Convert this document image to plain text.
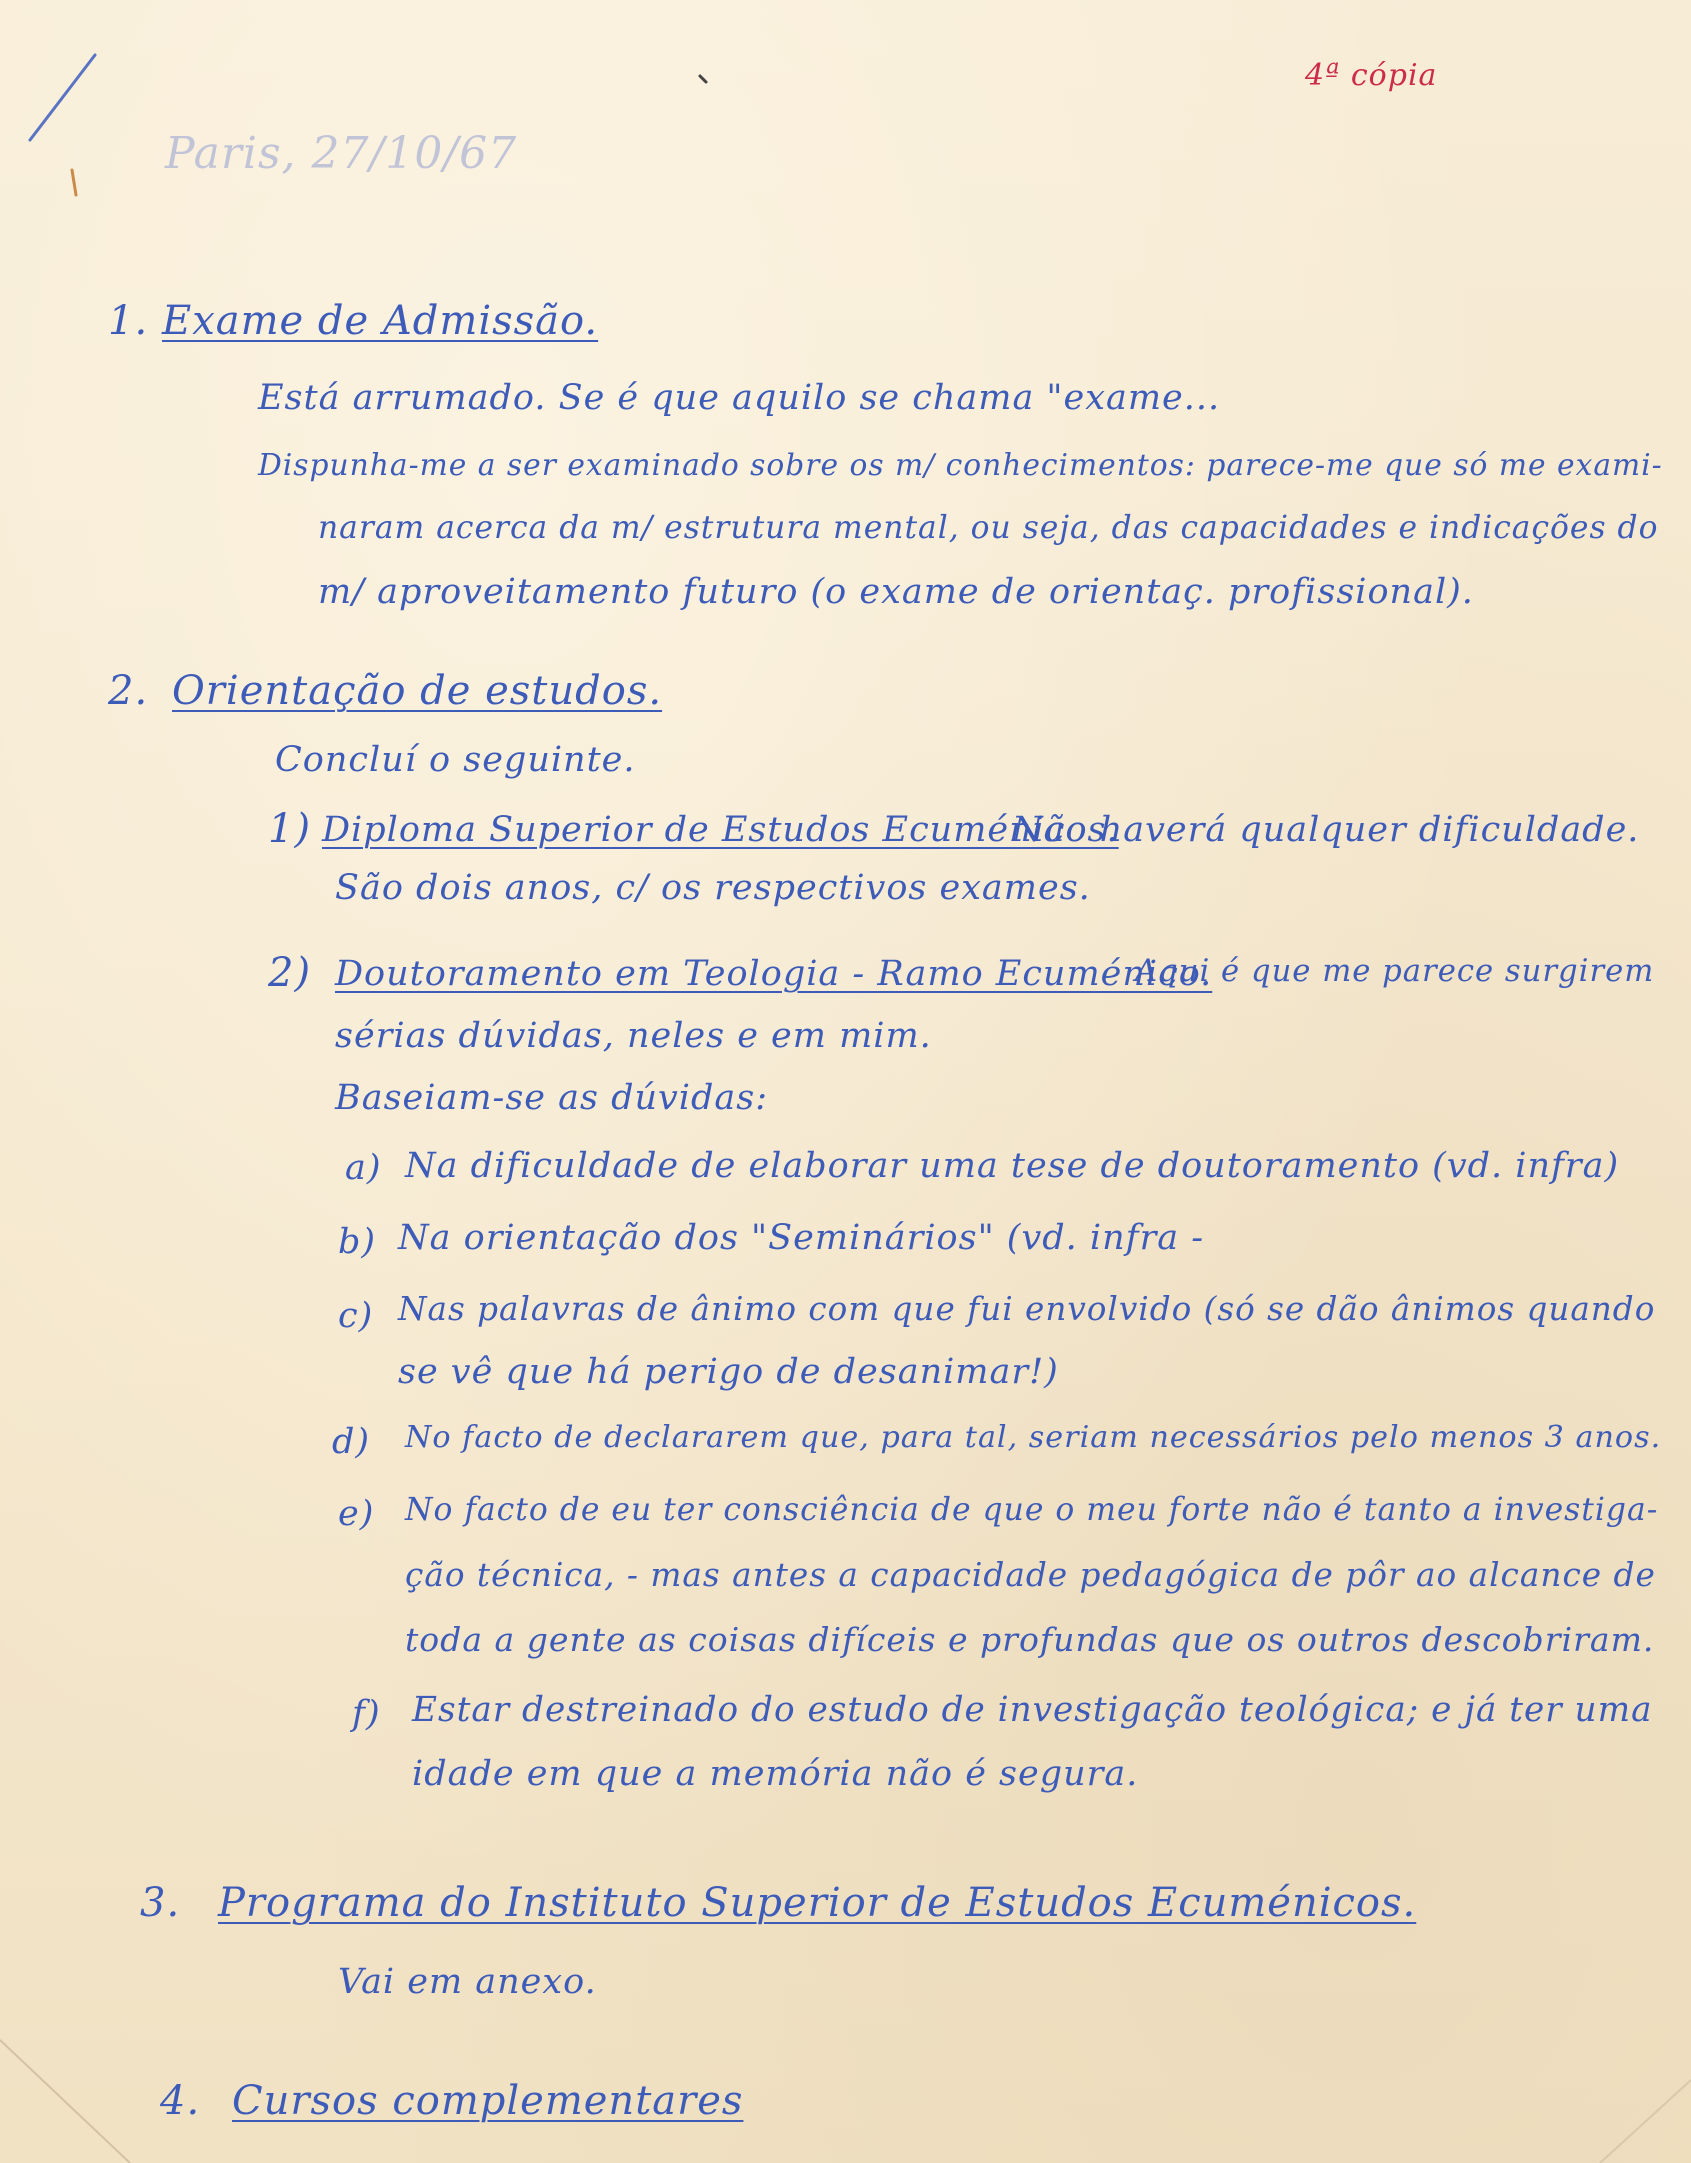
4ª cópia
Paris, 27/10/67
1. Exame de Admissão.
Está arrumado. Se é que aquilo se chama "exame...
Dispunha-me a ser examinado sobre os m/ conhecimentos: parece-me que só me exami-
naram acerca da m/ estrutura mental, ou seja, das capacidades e indicações do
m/ aproveitamento futuro (o exame de orientaç. profissional).
2. Orientação de estudos.
Concluí o seguinte.
1) Diploma Superior de Estudos Ecuménicos.
Não haverá qualquer dificuldade.
São dois anos, c/ os respectivos exames.
2) Doutoramento em Teologia - Ramo Ecuménico.
Aqui é que me parece surgirem
sérias dúvidas, neles e em mim.
Baseiam-se as dúvidas:
a) Na dificuldade de elaborar uma tese de doutoramento (vd. infra)
b) Na orientação dos "Seminários" (vd. infra -
c) Nas palavras de ânimo com que fui envolvido (só se dão ânimos quando
se vê que há perigo de desanimar!)
d) No facto de declararem que, para tal, seriam necessários pelo menos 3 anos.
e) No facto de eu ter consciência de que o meu forte não é tanto a investiga-
ção técnica, - mas antes a capacidade pedagógica de pôr ao alcance de
toda a gente as coisas difíceis e profundas que os outros descobriram.
f) Estar destreinado do estudo de investigação teológica; e já ter uma
idade em que a memória não é segura.
3. Programa do Instituto Superior de Estudos Ecuménicos.
Vai em anexo.
4. Cursos complementares
